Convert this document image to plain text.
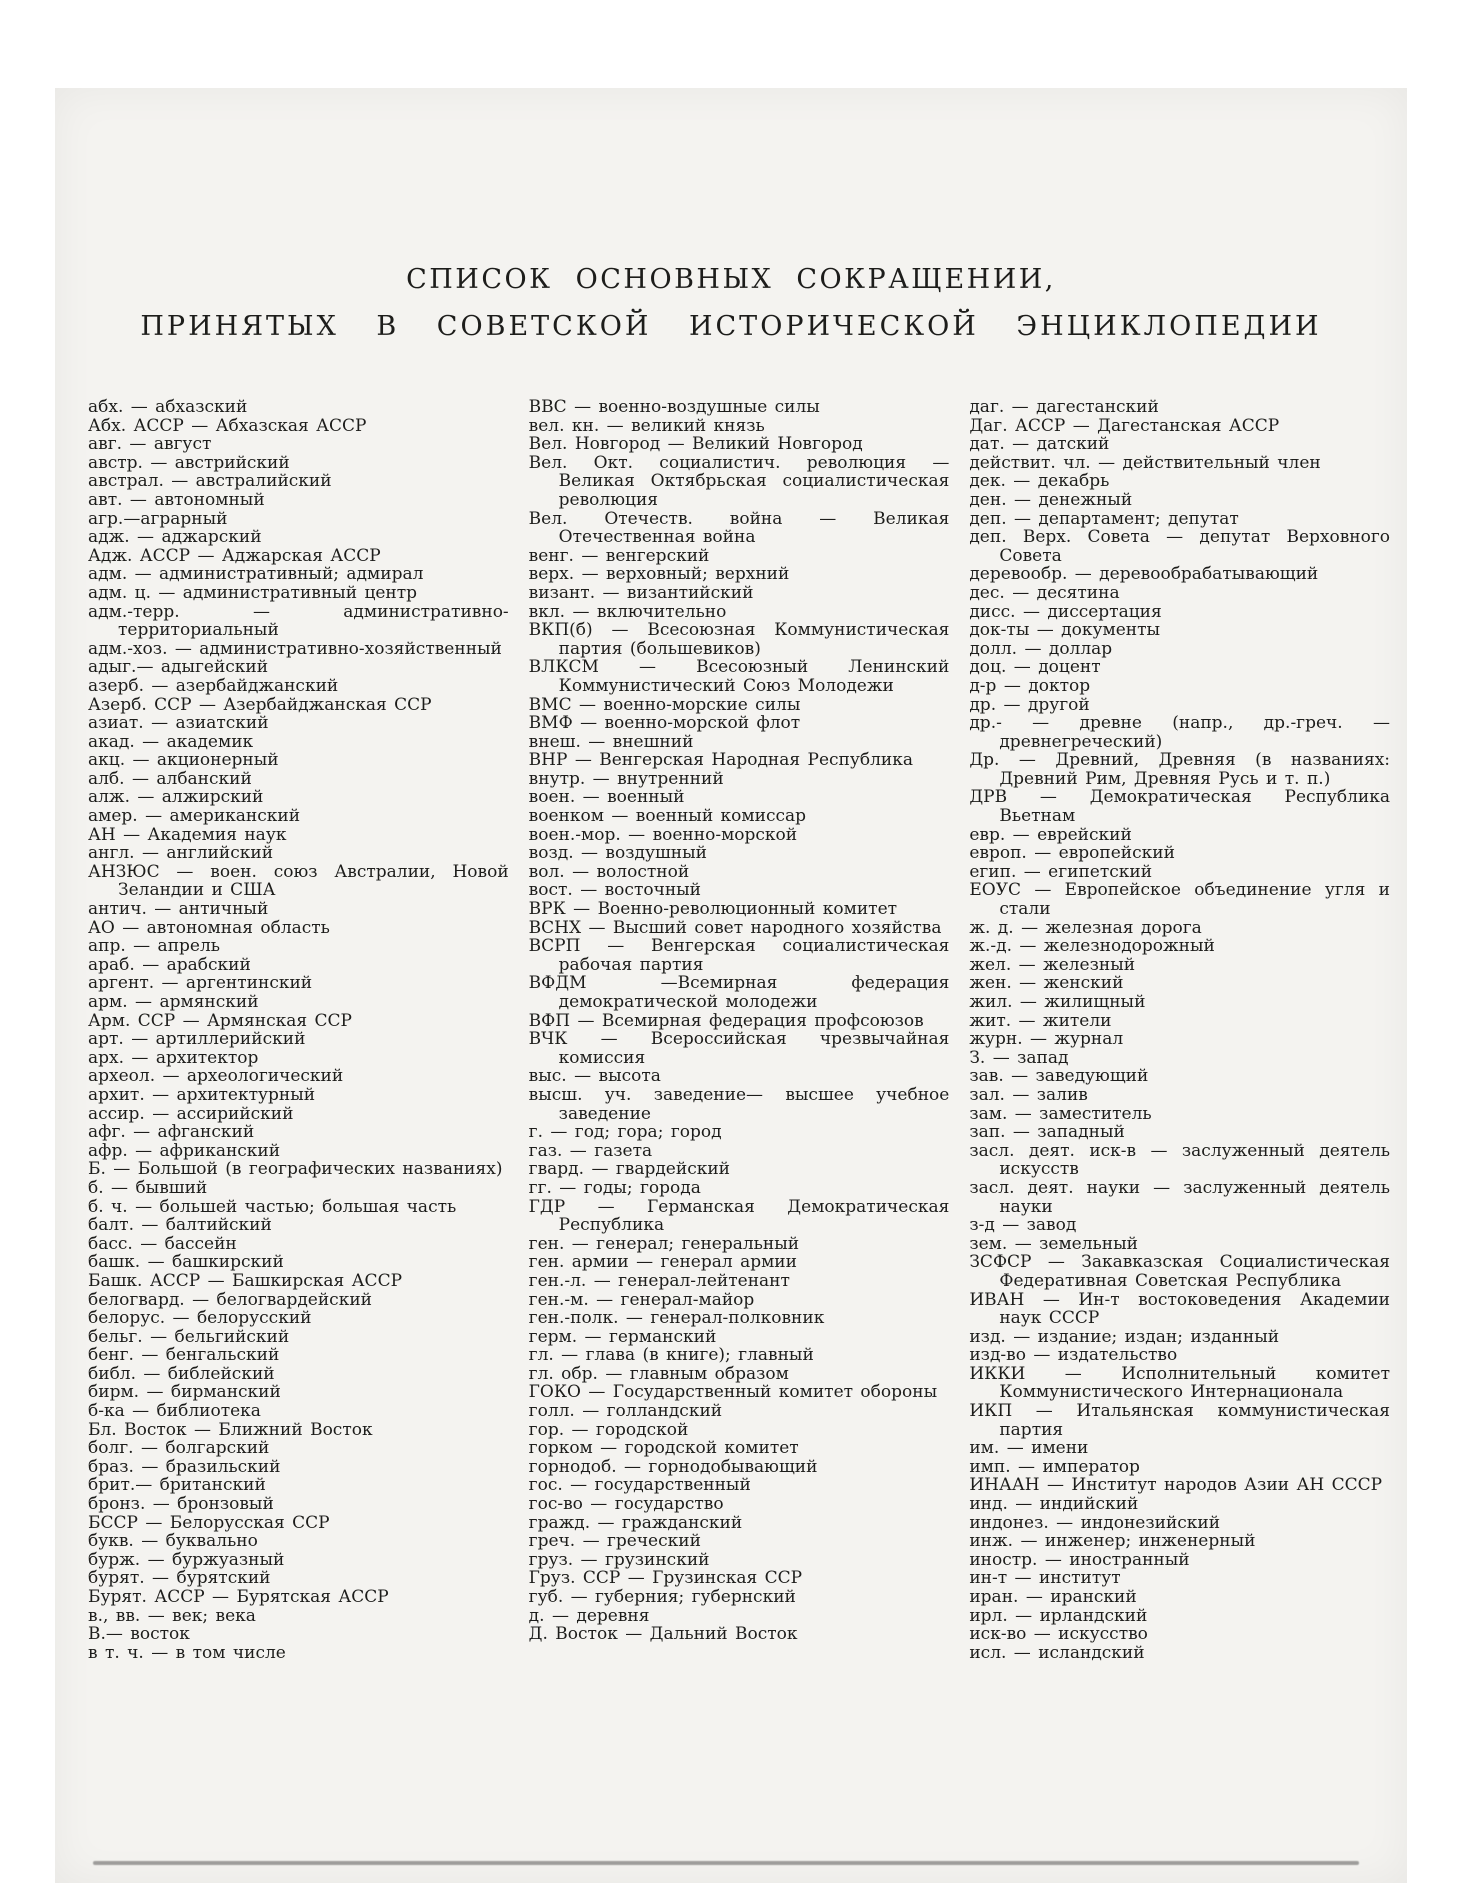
СПИСОК ОСНОВНЫХ СОКРАЩЕНИИ,
ПРИНЯТЫХ В СОВЕТСКОЙ ИСТОРИЧЕСКОЙ ЭНЦИКЛОПЕДИИ

абх. — абхазский

Абх. АССР — Абхазская АССР

авг. — август

австр. — австрийский

австрал. — австралийский

авт. — автономный

агр.—аграрный

адж. — аджарский

Адж. АССР — Аджарская АССР

адм. — административный; адмирал

адм. ц. — административный центр

адм.-терр. — административно-территориальный

адм.-хоз. — административно-хозяйственный

адыг.— адыгейский

азерб. — азербайджанский

Азерб. ССР — Азербайджанская ССР

азиат. — азиатский

акад. — академик

акц. — акционерный

алб. — албанский

алж. — алжирский

амер. — американский

АН — Академия наук

англ. — английский

АНЗЮС — воен. союз Австралии, Новой Зеландии и США

антич. — античный

АО — автономная область

апр. — апрель

араб. — арабский

аргент. — аргентинский

арм. — армянский

Арм. ССР — Армянская ССР

арт. — артиллерийский

арх. — архитектор

археол. — археологический

архит. — архитектурный

ассир. — ассирийский

афг. — афганский

афр. — африканский

Б. — Большой (в географических названиях)

б. — бывший

б. ч. — большей частью; большая часть

балт. — балтийский

басс. — бассейн

башк. — башкирский

Башк. АССР — Башкирская АССР

белогвард. — белогвардейский

белорус. — белорусский

бельг. — бельгийский

бенг. — бенгальский

библ. — библейский

бирм. — бирманский

б-ка — библиотека

Бл. Восток — Ближний Восток

болг. — болгарский

браз. — бразильский

брит.— британский

бронз. — бронзовый

БССР — Белорусская ССР

букв. — буквально

бурж. — буржуазный

бурят. — бурятский

Бурят. АССР — Бурятская АССР

в., вв. — век; века

В.— восток

в т. ч. — в том числе

ВВС — военно-воздушные силы

вел. кн. — великий князь

Вел. Новгород — Великий Новгород

Вел. Окт. социалистич. революция — Великая Октябрьская социалистическая революция

Вел. Отечеств. война — Великая Отечественная война

венг. — венгерский

верх. — верховный; верхний

визант. — византийский

вкл. — включительно

ВКП(б) — Всесоюзная Коммунистическая партия (большевиков)

ВЛКСМ — Всесоюзный Ленинский Коммунистический Союз Молодежи

ВМС — военно-морские силы

ВМФ — военно-морской флот

внеш. — внешний

ВНР — Венгерская Народная Республика

внутр. — внутренний

воен. — военный

военком — военный комиссар

воен.-мор. — военно-морской

возд. — воздушный

вол. — волостной

вост. — восточный

ВРК — Военно-революционный комитет

ВСНХ — Высший совет народного хозяйства

ВСРП — Венгерская социалистическая рабочая партия

ВФДМ —Всемирная федерация демократической молодежи

ВФП — Всемирная федерация профсоюзов

ВЧК — Всероссийская чрезвычайная комиссия

выс. — высота

высш. уч. заведение— высшее учебное заведение

г. — год; гора; город

газ. — газета

гвард. — гвардейский

гг. — годы; города

ГДР — Германская Демократическая Республика

ген. — генерал; генеральный

ген. армии — генерал армии

ген.-л. — генерал-лейтенант

ген.-м. — генерал-майор

ген.-полк. — генерал-полковник

герм. — германский

гл. — глава (в книге); главный

гл. обр. — главным образом

ГОКО — Государственный комитет обороны

голл. — голландский

гор. — городской

горком — городской комитет

горнодоб. — горнодобывающий

гос. — государственный

гос-во — государство

гражд. — гражданский

греч. — греческий

груз. — грузинский

Груз. ССР — Грузинская ССР

губ. — губерния; губернский

д. — деревня

Д. Восток — Дальний Восток

даг. — дагестанский

Даг. АССР — Дагестанская АССР

дат. — датский

действит. чл. — действительный член

дек. — декабрь

ден. — денежный

деп. — департамент; депутат

деп. Верх. Совета — депутат Верховного Совета

деревообр. — деревообрабатывающий

дес. — десятина

дисс. — диссертация

док-ты — документы

долл. — доллар

доц. — доцент

д-р — доктор

др. — другой

др.- — древне (напр., др.-греч. — древнегреческий)

Др. — Древний, Древняя (в названиях: Древний Рим, Древняя Русь и т. п.)

ДРВ — Демократическая Республика Вьетнам

евр. — еврейский

европ. — европейский

егип. — египетский

ЕОУС — Европейское объединение угля и стали

ж. д. — железная дорога

ж.-д. — железнодорожный

жел. — железный

жен. — женский

жил. — жилищный

жит. — жители

журн. — журнал

З. — запад

зав. — заведующий

зал. — залив

зам. — заместитель

зап. — западный

засл. деят. иск-в — заслуженный деятель искусств

засл. деят. науки — заслуженный деятель науки

з-д — завод

зем. — земельный

ЗСФСР — Закавказская Социалистическая Федеративная Советская Республика

ИВАН — Ин-т востоковедения Академии наук СССР

изд. — издание; издан; изданный

изд-во — издательство

ИККИ — Исполнительный комитет Коммунистического Интернационала

ИКП — Итальянская коммунистическая партия

им. — имени

имп. — император

ИНААН — Институт народов Азии АН СССР

инд. — индийский

индонез. — индонезийский

инж. — инженер; инженерный

иностр. — иностранный

ин-т — институт

иран. — иранский

ирл. — ирландский

иск-во — искусство

исл. — исландский
